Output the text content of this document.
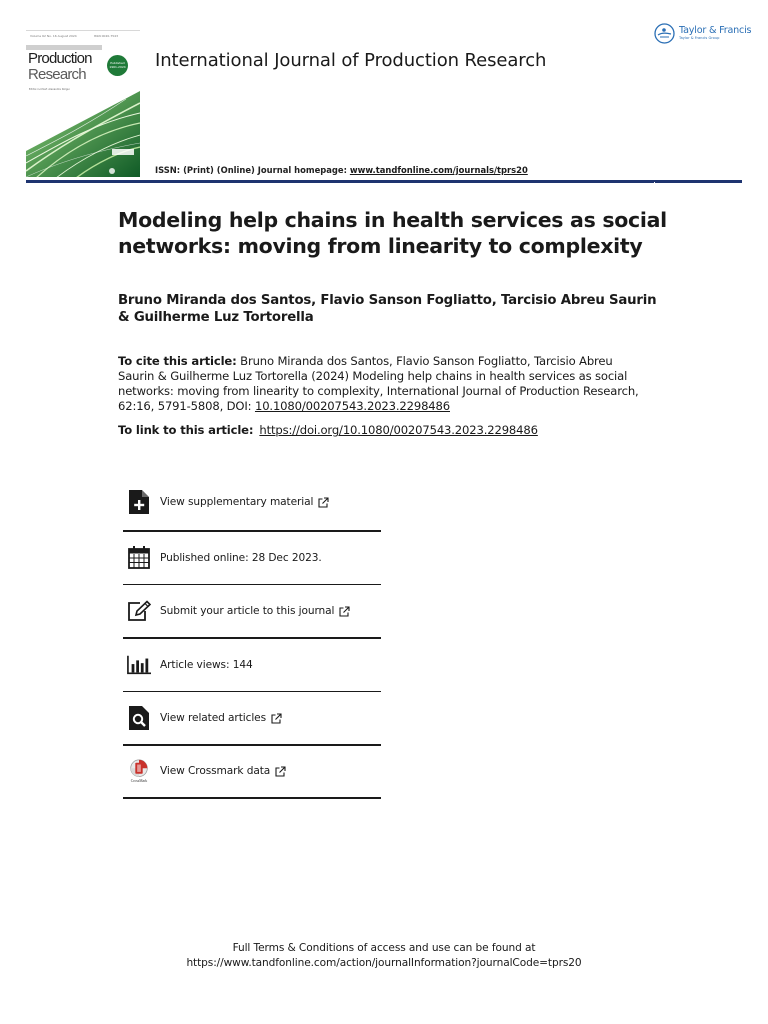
Volume 62 No. 16 August 2024	ISSN 0020-7543
Production
Research
Published 1961-2024
Editor-in-Chief: Alexandre Dolgui
International Journal of Production Research
ISSN: (Print) (Online) Journal homepage: www.tandfonline.com/journals/tprs20
Taylor & Francis
Taylor & Francis Group
Modeling help chains in health services as social networks: moving from linearity to complexity
Bruno Miranda dos Santos, Flavio Sanson Fogliatto, Tarcisio Abreu Saurin & Guilherme Luz Tortorella
To cite this article: Bruno Miranda dos Santos, Flavio Sanson Fogliatto, Tarcisio Abreu Saurin & Guilherme Luz Tortorella (2024) Modeling help chains in health services as social networks: moving from linearity to complexity, International Journal of Production Research, 62:16, 5791-5808, DOI: 10.1080/00207543.2023.2298486
To link to this article: https://doi.org/10.1080/00207543.2023.2298486
View supplementary material
Published online: 28 Dec 2023.
Submit your article to this journal
Article views: 144
View related articles
CrossMark
View Crossmark data
Full Terms & Conditions of access and use can be found at
https://www.tandfonline.com/action/journalInformation?journalCode=tprs20
